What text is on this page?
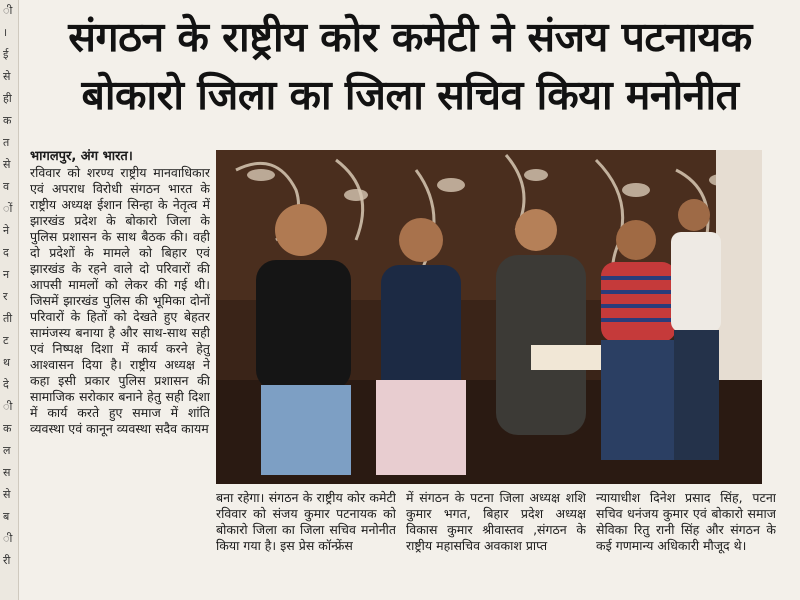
ी
।
ई
से
ही
क
त
से
व
ों
ने
द
न
र
ती
ट
थ
दे
ी
क
ल
स
से
ब
ी
री
संगठन के राष्ट्रीय कोर कमेटी ने संजय पटनायक
बोकारो जिला का जिला सचिव किया मनोनीत
भागलपुर, अंग भारत।
रविवार को शरण्य राष्ट्रीय मानवाधिकार एवं अपराध विरोधी संगठन भारत के राष्ट्रीय अध्यक्ष ईशान सिन्हा के नेतृत्व में झारखंड प्रदेश के बोकारो जिला के पुलिस प्रशासन के साथ बैठक की। वही दो प्रदेशों के मामले को बिहार एवं झारखंड के रहने वाले दो परिवारों की आपसी मामलों को लेकर की गई थी। जिसमें झारखंड पुलिस की भूमिका दोनों परिवारों के हितों को देखते हुए बेहतर सामंजस्य बनाया है और साथ-साथ सही एवं निष्पक्ष दिशा में कार्य करने हेतु आश्वासन दिया है। राष्ट्रीय अध्यक्ष ने कहा इसी प्रकार पुलिस प्रशासन की सामाजिक सरोकार बनाने हेतु सही दिशा में कार्य करते हुए समाज में शांति व्यवस्था एवं कानून व्यवस्था सदैव कायम
बना रहेगा। संगठन के राष्ट्रीय कोर कमेटी रविवार को संजय कुमार पटनायक को बोकारो जिला का जिला सचिव मनोनीत किया गया है। इस प्रेस कॉन्फ्रेंस
में संगठन के पटना जिला अध्यक्ष शशि कुमार भगत, बिहार प्रदेश अध्यक्ष विकास कुमार श्रीवास्तव ,संगठन के राष्ट्रीय महासचिव अवकाश प्राप्त
न्यायाधीश दिनेश प्रसाद सिंह, पटना सचिव धनंजय कुमार एवं बोकारो समाज सेविका रितु रानी सिंह और संगठन के कई गणमान्य अधिकारी मौजूद थे।
